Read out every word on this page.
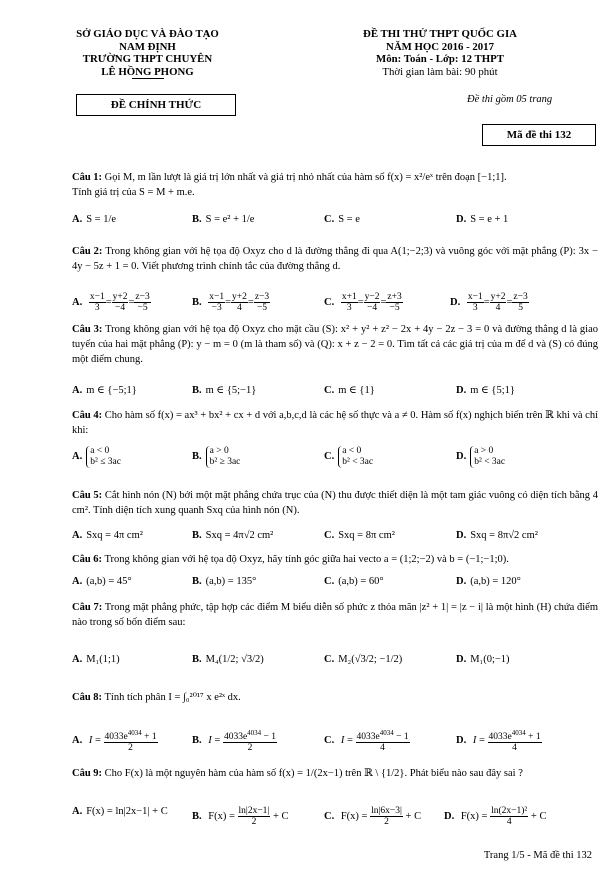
SỞ GIÁO DỤC VÀ ĐÀO TẠO
NAM ĐỊNH
TRƯỜNG THPT CHUYÊN
LÊ HỒNG PHONG
ĐỀ THI THỬ THPT QUỐC GIA
NĂM HỌC 2016 - 2017
Môn: Toán - Lớp: 12 THPT
Thời gian làm bài: 90 phút
ĐỀ CHÍNH THỨC	Đề thi gồm 05 trang
Mã đề thi 132
Câu 1: Gọi M, m lần lượt là giá trị lớn nhất và giá trị nhỏ nhất của hàm số f(x) = x²/eˣ trên đoạn [−1;1].
Tính giá trị của S = M + m.e.
A. S = 1/e	B. S = e² + 1/e	C. S = e	D. S = e + 1
Câu 2: Trong không gian với hệ tọa độ Oxyz cho d là đường thẳng đi qua A(1;−2;3) và vuông góc với mặt phẳng (P): 3x − 4y − 5z + 1 = 0. Viết phương trình chính tắc của đường thẳng d.
A. $\frac{x-1}{3} = \frac{y+2}{-4} = \frac{z-3}{-5}$	B. $\frac{x-1}{-3} = \frac{y+2}{4} = \frac{z-3}{-5}$	C. $\frac{x+1}{3} = \frac{y-2}{-4} = \frac{z+3}{-5}$	D. $\frac{x-1}{3} = \frac{y+2}{4} = \frac{z-3}{5}$
Câu 3: Trong không gian với hệ tọa độ Oxyz cho mặt cầu (S): x² + y² + z² − 2x + 4y − 2z − 3 = 0 và đường thẳng d là giao tuyến của hai mặt phẳng (P): y − m = 0 (m là tham số) và (Q): x + z − 2 = 0. Tìm tất cả các giá trị của m để d và (S) có đúng một điểm chung.
A. m ∈ {−5;1}	B. m ∈ {5;−1}	C. m ∈ {1}	D. m ∈ {5;1}
Câu 4: Cho hàm số f(x) = ax³ + bx² + cx + d với a,b,c,d là các hệ số thực và a ≠ 0. Hàm số f(x) nghịch biến trên ℝ khi và chỉ khi:
A.a < 0
b² ≤ 3ac	B.a > 0
b² ≥ 3ac	C.a < 0
b² < 3ac	D.a > 0
b² < 3ac
Câu 5: Cắt hình nón (N) bởi một mặt phẳng chứa trục của (N) thu được thiết diện là một tam giác vuông có diện tích bằng 4 cm². Tính diện tích xung quanh Sxq của hình nón (N).
A. Sxq = 4π cm²	B. Sxq = 4π√2 cm²	C. Sxq = 8π cm²	D. Sxq = 8π√2 cm²
Câu 6: Trong không gian với hệ tọa độ Oxyz, hãy tính góc giữa hai vecto a = (1;2;−2) và b = (−1;−1;0).
A. (a,b) = 45°	B. (a,b) = 135°	C. (a,b) = 60°	D. (a,b) = 120°
Câu 7: Trong mặt phẳng phức, tập hợp các điểm M biểu diễn số phức z thỏa mãn |z² + 1| = |z − i| là một hình (H) chứa điểm nào trong số bốn điểm sau:
A. M₁(1;1)	B. M₄(1/2; √3/2)	C. M₂(√3/2; −1/2)	D. M₁(0;−1)
Câu 8: Tính tích phân I = ∫₀²⁰¹⁷ x e²ˣ dx.
A. $I = \frac{4033e^{4034} + 1}{2}$	B. $I = \frac{4033e^{4034} - 1}{2}$	C. $I = \frac{4033e^{4034} - 1}{4}$	D. $I = \frac{4033e^{4034} + 1}{4}$
Câu 9: Cho F(x) là một nguyên hàm của hàm số f(x) = 1/(2x−1) trên ℝ \ {1/2}. Phát biểu nào sau đây sai ?
A. F(x) = ln|2x−1| + C B. $F(x) = \frac{\ln|2x-1|}{2} + C$	C. $F(x) = \frac{\ln|6x-3|}{2} + C$ D. $F(x) = \frac{\text{ln(2x−1)²}}{4} + C$
Trang 1/5 - Mã đề thi 132
